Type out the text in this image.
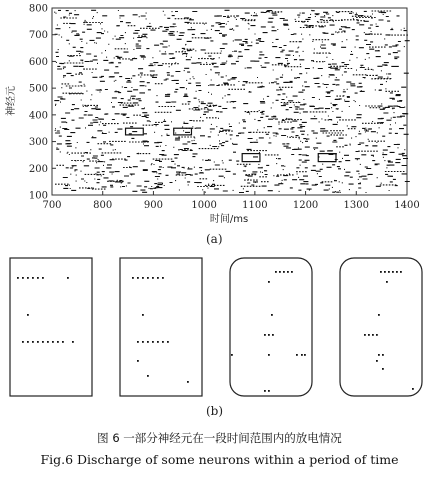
700	800	900	1000	1100	1200	1300	1400
100
200
300
400
500
600
700
800
时间/ms
神经元
(a)
(b)
图 6 一部分神经元在一段时间范围内的放电情况
Fig.6 Discharge of some neurons within a period of time
